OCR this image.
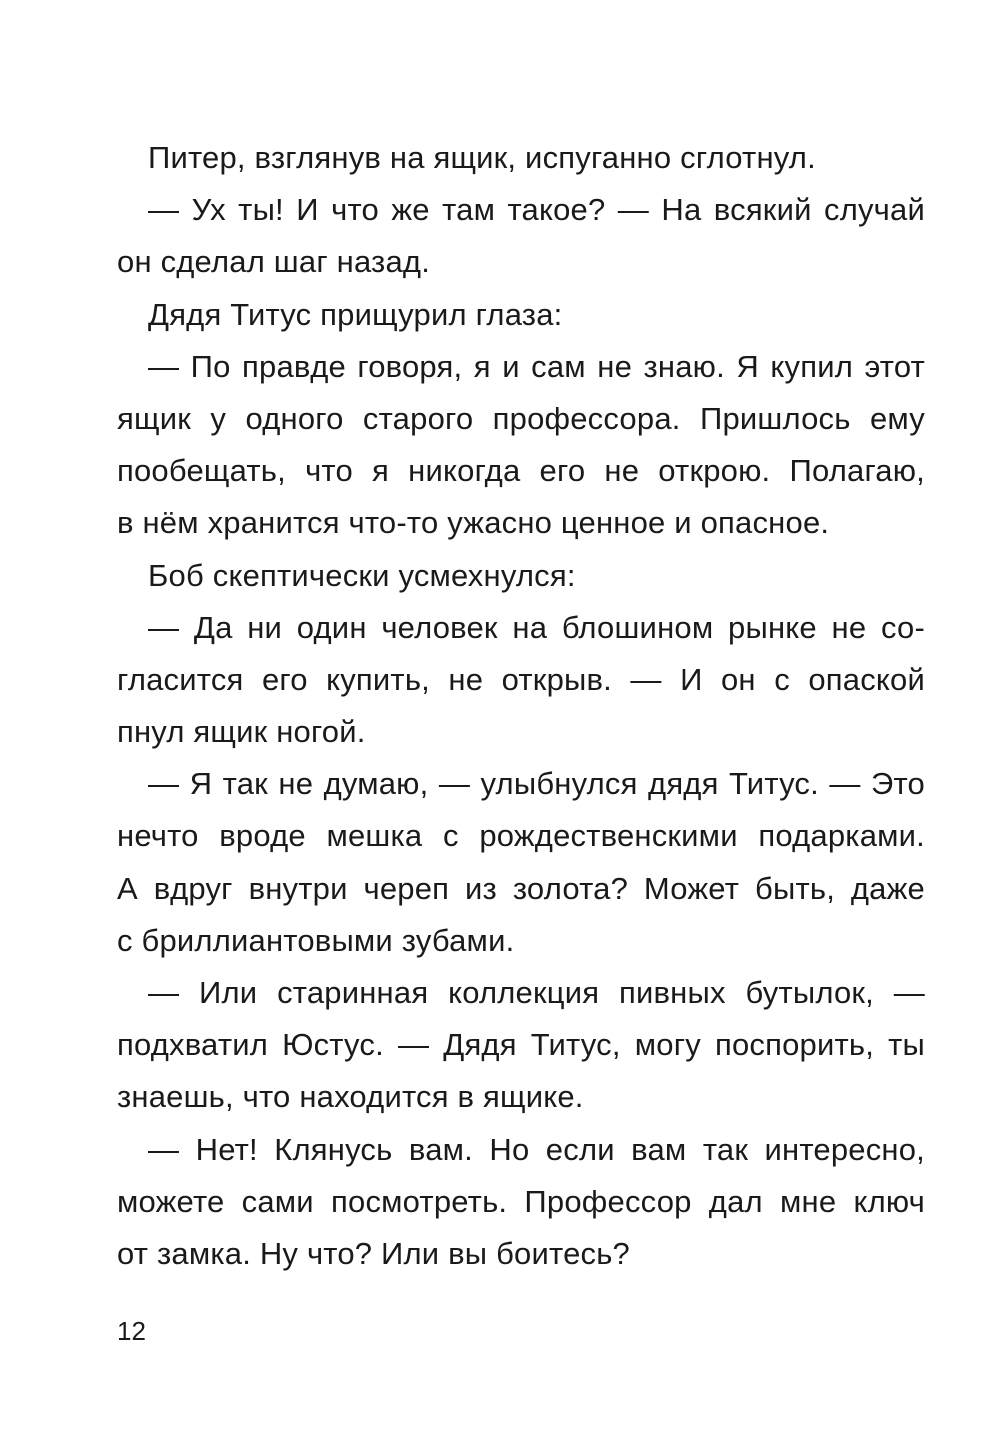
Питер, взглянув на ящик, испуганно сглотнул.
— Ух ты! И что же там такое? — На всякий случай
он сделал шаг назад.
Дядя Титус прищурил глаза:
— По правде говоря, я и сам не знаю. Я купил этот
ящик у одного старого профессора. Пришлось ему
пообещать, что я никогда его не открою. Полагаю,
в нём хранится что-то ужасно ценное и опасное.
Боб скептически усмехнулся:
— Да ни один человек на блошином рынке не со-
гласится его купить, не открыв. — И он с опаской
пнул ящик ногой.
— Я так не думаю, — улыбнулся дядя Титус. — Это
нечто вроде мешка с рождественскими подарками.
А вдруг внутри череп из золота? Может быть, даже
с бриллиантовыми зубами.
— Или старинная коллекция пивных бутылок, —
подхватил Юстус. — Дядя Титус, могу поспорить, ты
знаешь, что находится в ящике.
— Нет! Клянусь вам. Но если вам так интересно,
можете сами посмотреть. Профессор дал мне ключ
от замка. Ну что? Или вы боитесь?
12
